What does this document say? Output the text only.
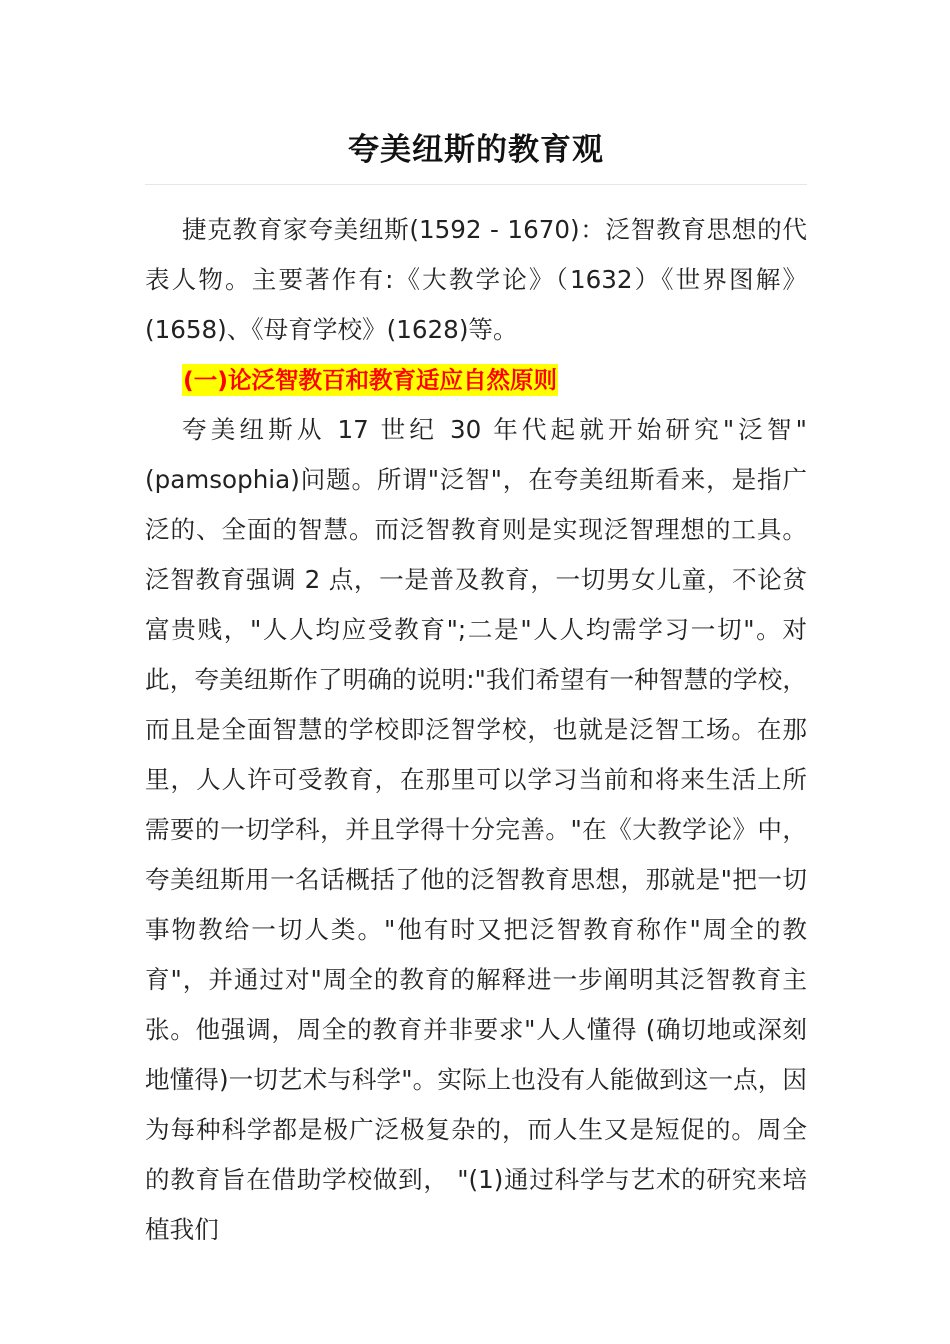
夸美纽斯的教育观

捷克教育家夸美纽斯(1592 - 1670)：泛智教育思想的代表人物。主要著作有:《大教学论》（1632）《世界图解》(1658)、《母育学校》(1628)等。

(一)论泛智教百和教育适应自然原则

夸美纽斯从 17 世纪 30 年代起就开始研究"泛智"(pamsophia)问题。所谓"泛智"，在夸美纽斯看来，是指广泛的、全面的智慧。而泛智教育则是实现泛智理想的工具。泛智教育强调 2 点，一是普及教育，一切男女儿童，不论贫富贵贱，"人人均应受教育";二是"人人均需学习一切"。对此，夸美纽斯作了明确的说明:"我们希望有一种智慧的学校，而且是全面智慧的学校即泛智学校，也就是泛智工场。在那里，人人许可受教育，在那里可以学习当前和将来生活上所需要的一切学科，并且学得十分完善。"在《大教学论》中，夸美纽斯用一名话概括了他的泛智教育思想，那就是"把一切事物教给一切人类。"他有时又把泛智教育称作"周全的教育"，并通过对"周全的教育的解释进一步阐明其泛智教育主张。他强调，周全的教育并非要求"人人懂得 (确切地或深刻地懂得)一切艺术与科学"。实际上也没有人能做到这一点，因为每种科学都是极广泛极复杂的，而人生又是短促的。周全的教育旨在借助学校做到， "(1)通过科学与艺术的研究来培植我们
